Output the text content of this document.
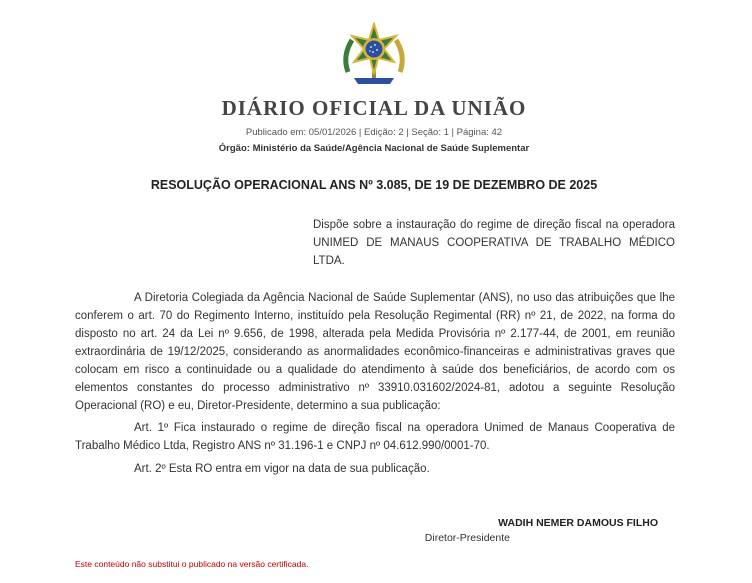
DIÁRIO OFICIAL DA UNIÃO
Publicado em: 05/01/2026 | Edição: 2 | Seção: 1 | Página: 42
Órgão: Ministério da Saúde/Agência Nacional de Saúde Suplementar
RESOLUÇÃO OPERACIONAL ANS Nº 3.085, DE 19 DE DEZEMBRO DE 2025
Dispõe sobre a instauração do regime de direção fiscal na operadora UNIMED DE MANAUS COOPERATIVA DE TRABALHO MÉDICO LTDA.

A Diretoria Colegiada da Agência Nacional de Saúde Suplementar (ANS), no uso das atribuições que lhe conferem o art. 70 do Regimento Interno, instituído pela Resolução Regimental (RR) nº 21, de 2022, na forma do disposto no art. 24 da Lei nº 9.656, de 1998, alterada pela Medida Provisória nº 2.177-44, de 2001, em reunião extraordinária de 19/12/2025, considerando as anormalidades econômico-financeiras e administrativas graves que colocam em risco a continuidade ou a qualidade do atendimento à saúde dos beneficiários, de acordo com os elementos constantes do processo administrativo nº 33910.031602/2024-81, adotou a seguinte Resolução Operacional (RO) e eu, Diretor-Presidente, determino a sua publicação:

Art. 1º Fica instaurado o regime de direção fiscal na operadora Unimed de Manaus Cooperativa de Trabalho Médico Ltda, Registro ANS nº 31.196-1 e CNPJ nº 04.612.990/0001-70.

Art. 2º Esta RO entra em vigor na data de sua publicação.

WADIH NEMER DAMOUS FILHO
Diretor-Presidente
Este conteúdo não substitui o publicado na versão certificada.
